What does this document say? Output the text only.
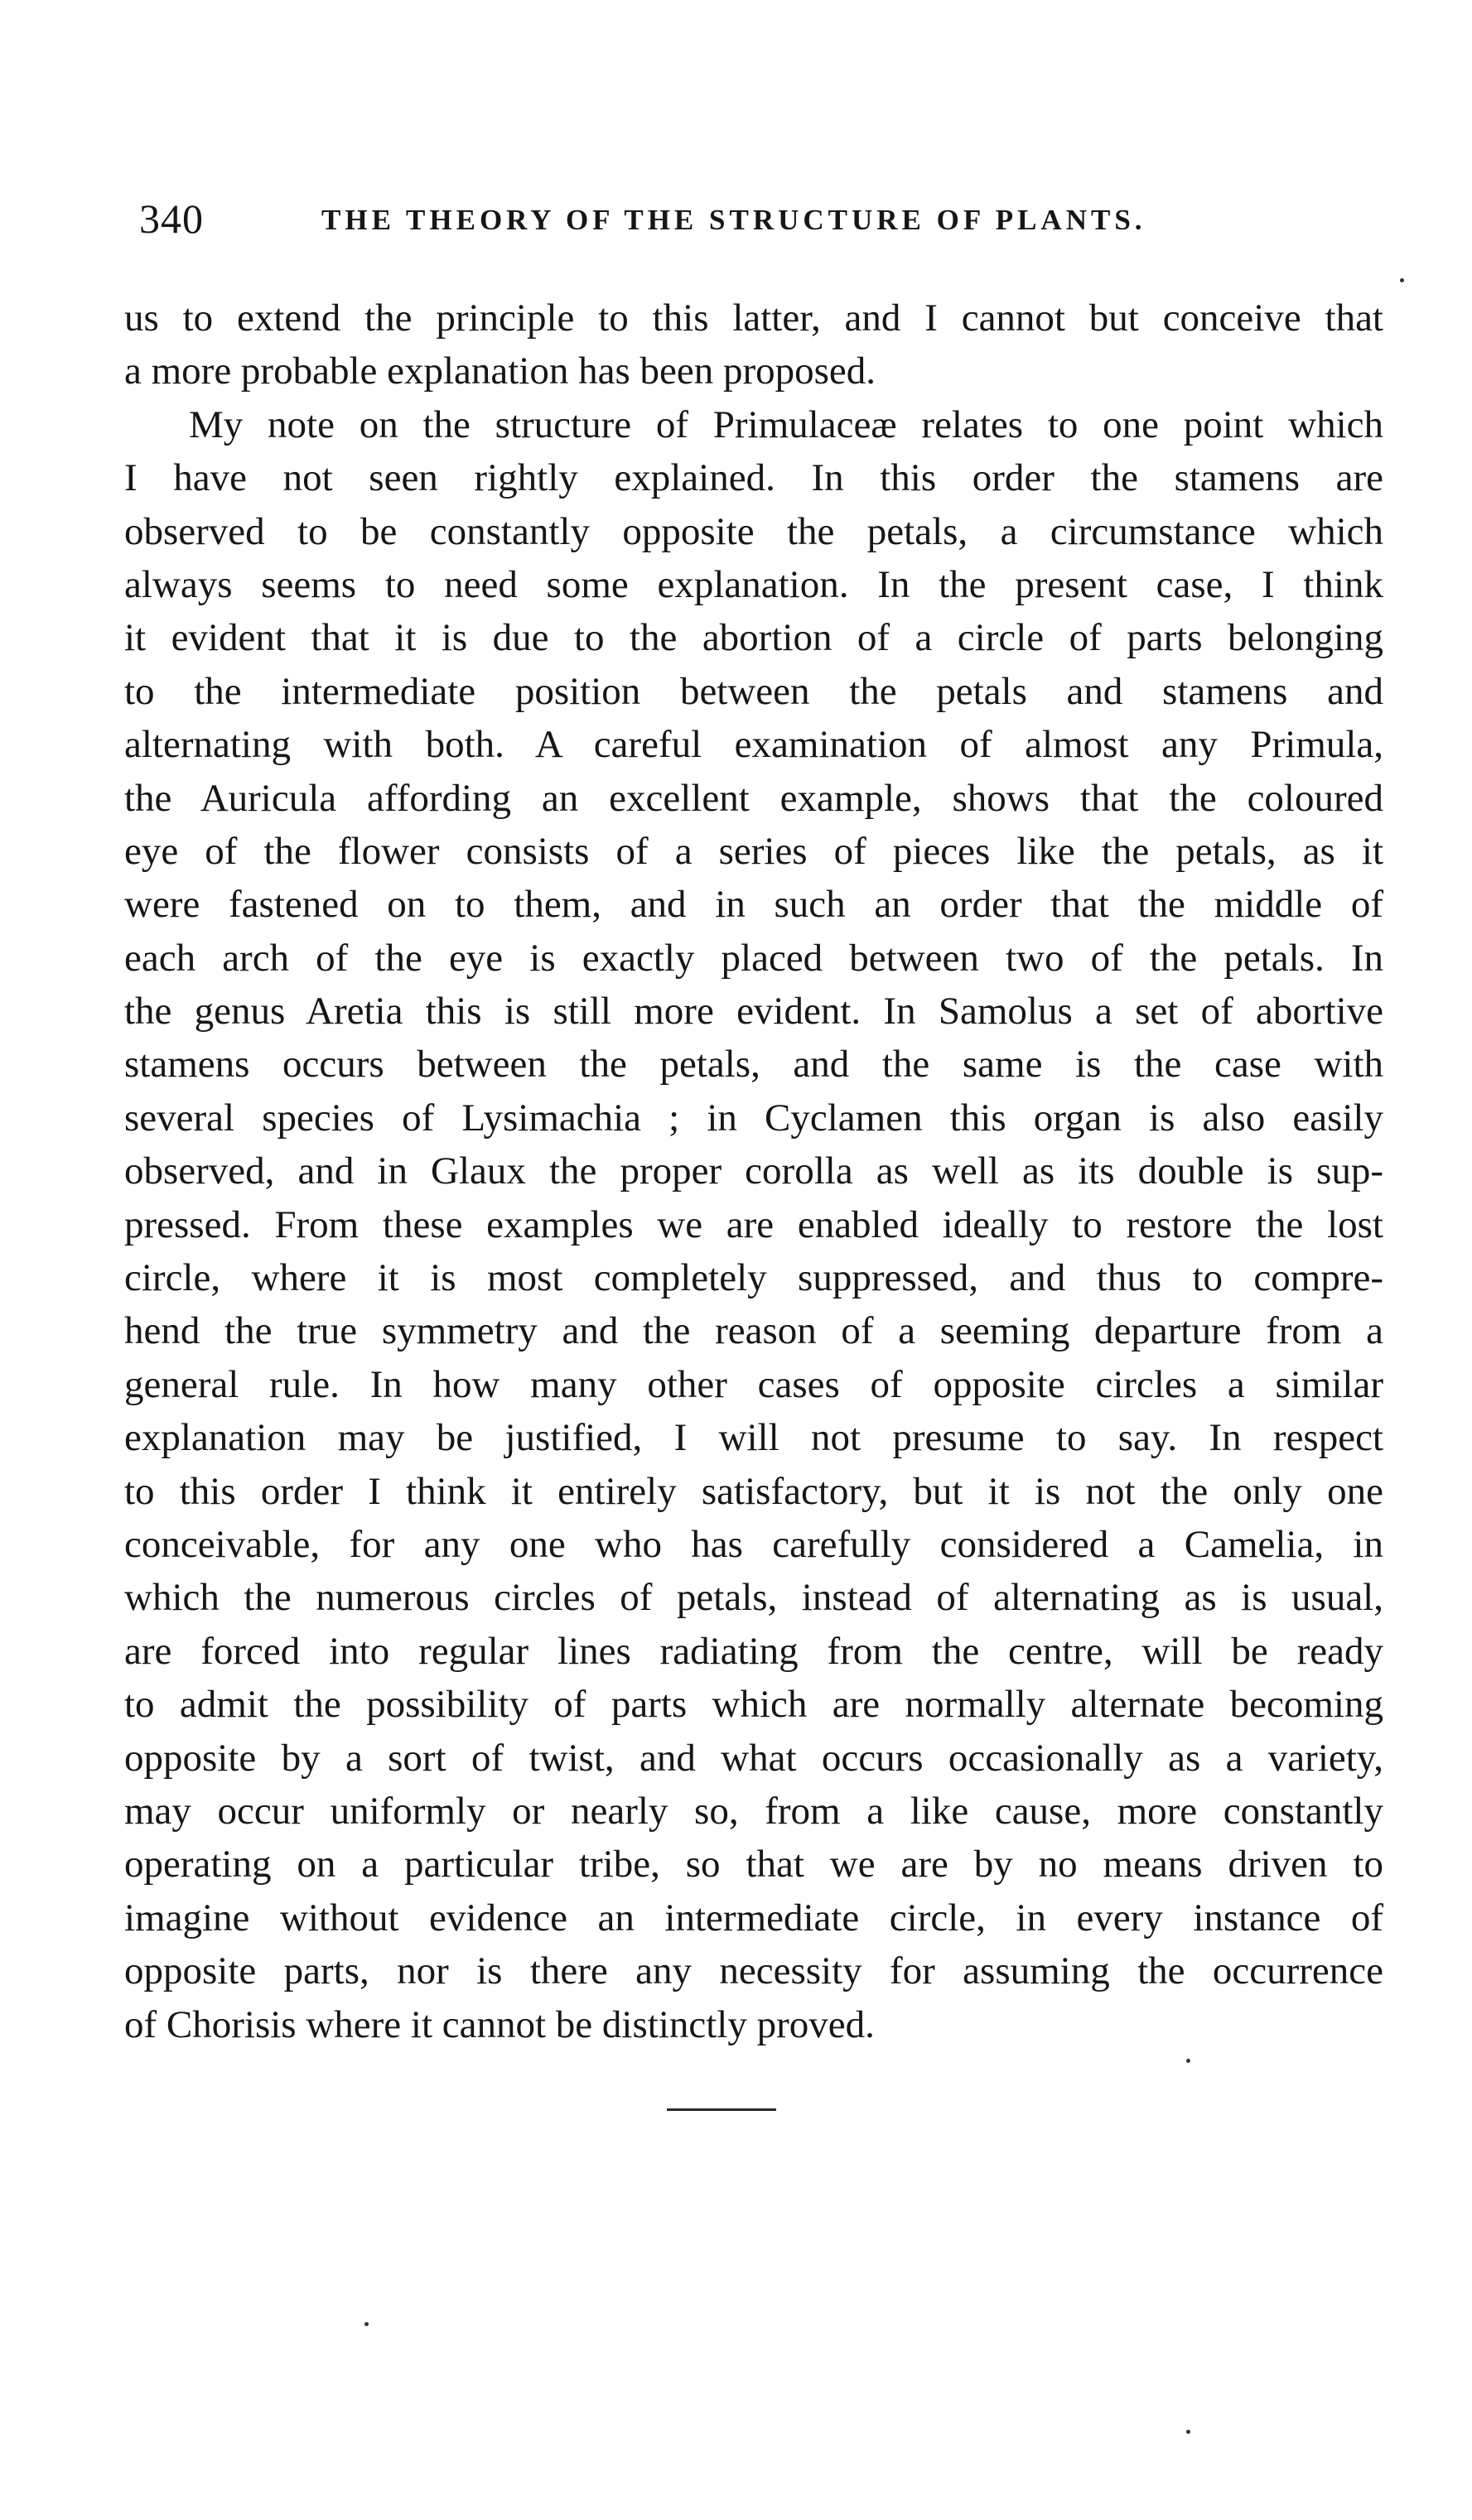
340	THE THEORY OF THE STRUCTURE OF PLANTS.
us to extend the principle to this latter, and I cannot but conceive that
a more probable explanation has been proposed.
My note on the structure of Primulaceæ relates to one point which
I have not seen rightly explained. In this order the stamens are
observed to be constantly opposite the petals, a circumstance which
always seems to need some explanation. In the present case, I think
it evident that it is due to the abortion of a circle of parts belonging
to the intermediate position between the petals and stamens and
alternating with both. A careful examination of almost any Primula,
the Auricula affording an excellent example, shows that the coloured
eye of the flower consists of a series of pieces like the petals, as it
were fastened on to them, and in such an order that the middle of
each arch of the eye is exactly placed between two of the petals. In
the genus Aretia this is still more evident. In Samolus a set of abortive
stamens occurs between the petals, and the same is the case with
several species of Lysimachia ; in Cyclamen this organ is also easily
observed, and in Glaux the proper corolla as well as its double is sup-
pressed. From these examples we are enabled ideally to restore the lost
circle, where it is most completely suppressed, and thus to compre-
hend the true symmetry and the reason of a seeming departure from a
general rule. In how many other cases of opposite circles a similar
explanation may be justified, I will not presume to say. In respect
to this order I think it entirely satisfactory, but it is not the only one
conceivable, for any one who has carefully considered a Camelia, in
which the numerous circles of petals, instead of alternating as is usual,
are forced into regular lines radiating from the centre, will be ready
to admit the possibility of parts which are normally alternate becoming
opposite by a sort of twist, and what occurs occasionally as a variety,
may occur uniformly or nearly so, from a like cause, more constantly
operating on a particular tribe, so that we are by no means driven to
imagine without evidence an intermediate circle, in every instance of
opposite parts, nor is there any necessity for assuming the occurrence
of Chorisis where it cannot be distinctly proved.
